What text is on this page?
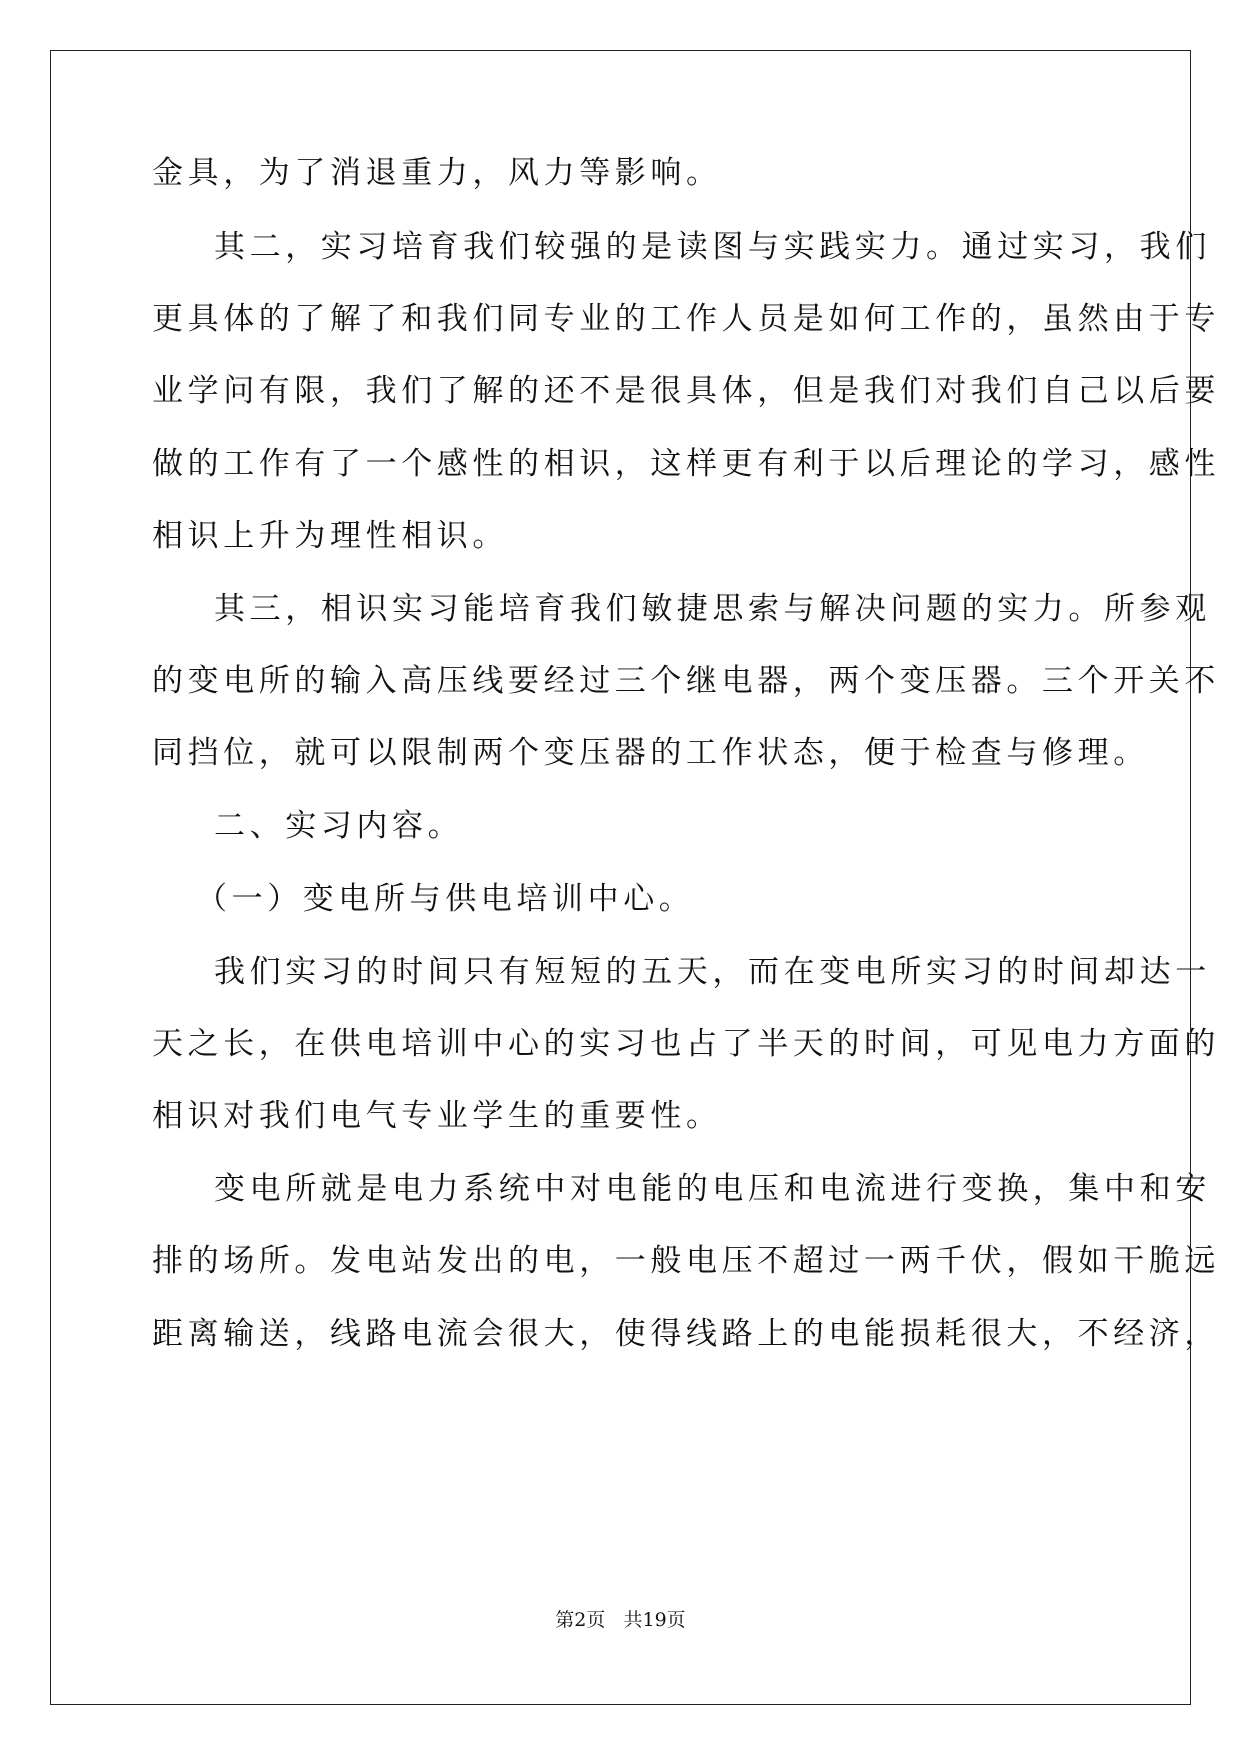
金具，为了消退重力，风力等影响。
其二，实习培育我们较强的是读图与实践实力。通过实习，我们
更具体的了解了和我们同专业的工作人员是如何工作的，虽然由于专
业学问有限，我们了解的还不是很具体，但是我们对我们自己以后要
做的工作有了一个感性的相识，这样更有利于以后理论的学习，感性
相识上升为理性相识。
其三，相识实习能培育我们敏捷思索与解决问题的实力。所参观
的变电所的输入高压线要经过三个继电器，两个变压器。三个开关不
同挡位，就可以限制两个变压器的工作状态，便于检查与修理。
二、实习内容。
（一）变电所与供电培训中心。
我们实习的时间只有短短的五天，而在变电所实习的时间却达一
天之长，在供电培训中心的实习也占了半天的时间，可见电力方面的
相识对我们电气专业学生的重要性。
变电所就是电力系统中对电能的电压和电流进行变换，集中和安
排的场所。发电站发出的电，一般电压不超过一两千伏，假如干脆远
距离输送，线路电流会很大，使得线路上的电能损耗很大，不经济，
第2页   共19页
